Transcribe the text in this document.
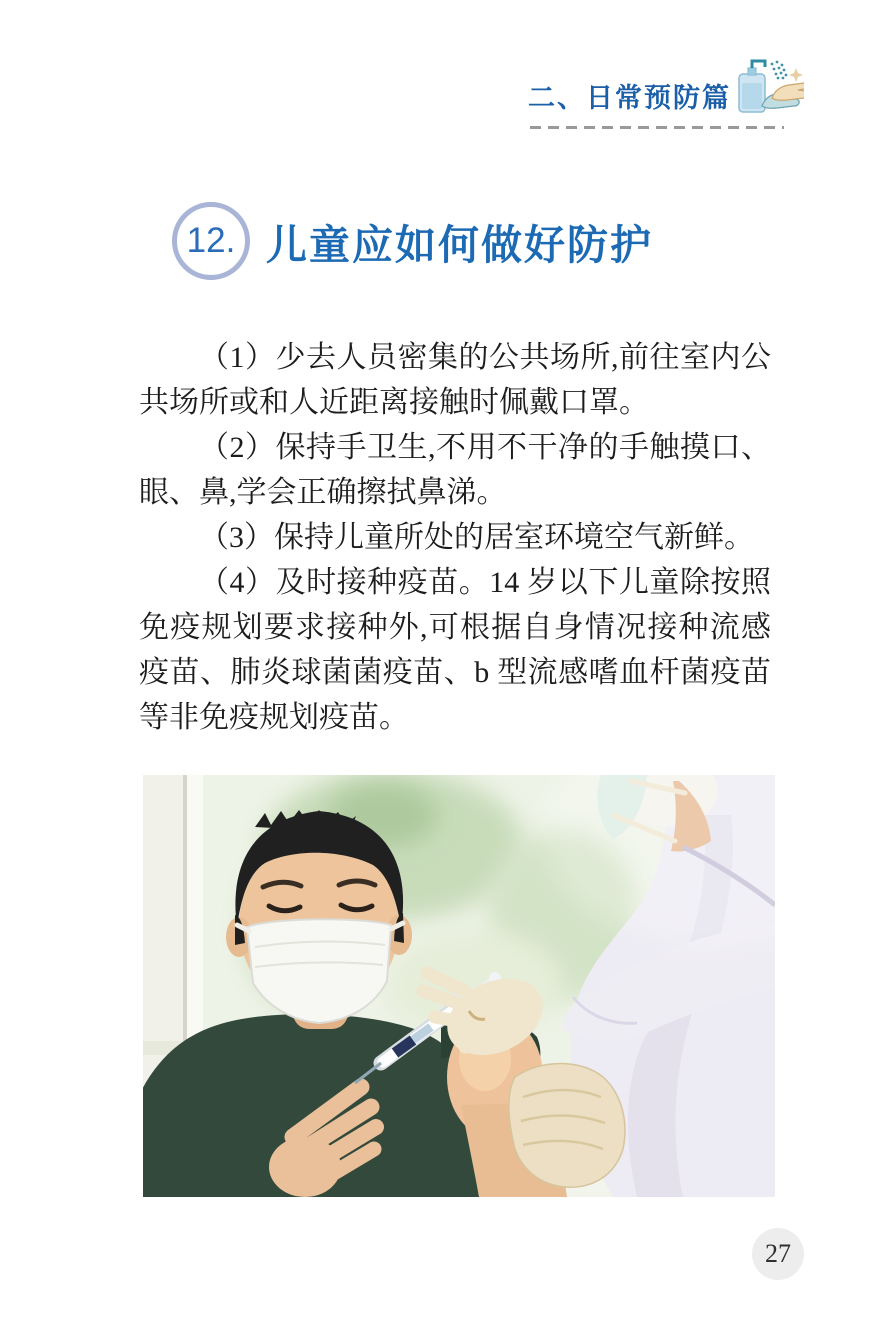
二、日常预防篇
12. 儿童应如何做好防护

（1）少去人员密集的公共场所,前往室内公共场所或和人近距离接触时佩戴口罩。

（2）保持手卫生,不用不干净的手触摸口、眼、鼻,学会正确擦拭鼻涕。

（3）保持儿童所处的居室环境空气新鲜。

（4）及时接种疫苗。14 岁以下儿童除按照免疫规划要求接种外,可根据自身情况接种流感疫苗、肺炎球菌菌疫苗、b 型流感嗜血杆菌疫苗等非免疫规划疫苗。

27
